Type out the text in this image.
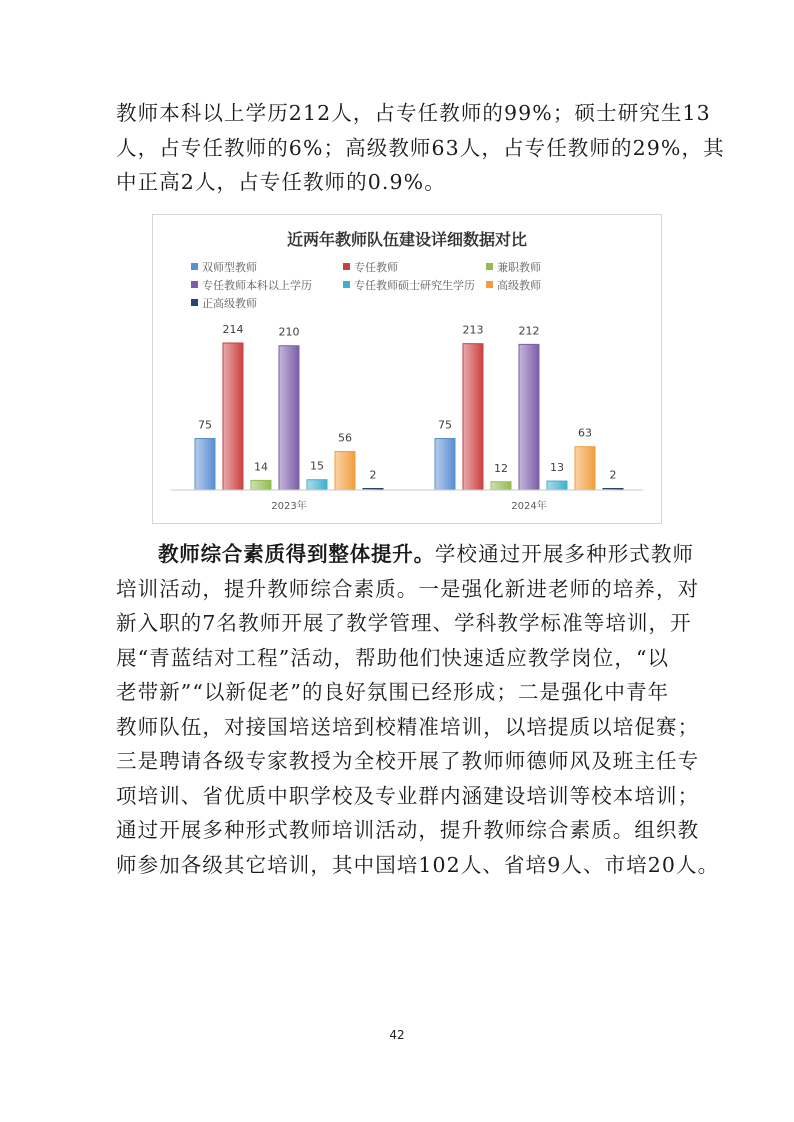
教师本科以上学历212人，占专任教师的99%；硕士研究生13
人，占专任教师的6%；高级教师63人，占专任教师的29%，其
中正高2人，占专任教师的0.9%。
近两年教师队伍建设详细数据对比
双师型教师	专任教师	兼职教师
专任教师本科以上学历	专任教师硕士研究生学历 高级教师
正高级教师
75
214
14
210
15
56
2
75
213
12
212
13
63
2
2023年	2024年
教师综合素质得到整体提升。学校通过开展多种形式教师
培训活动，提升教师综合素质。一是强化新进老师的培养，对
新入职的7名教师开展了教学管理、学科教学标准等培训，开
展“青蓝结对工程”活动，帮助他们快速适应教学岗位，“以
老带新”“以新促老”的良好氛围已经形成；二是强化中青年
教师队伍，对接国培送培到校精准培训，以培提质以培促赛；
三是聘请各级专家教授为全校开展了教师师德师风及班主任专
项培训、省优质中职学校及专业群内涵建设培训等校本培训；
通过开展多种形式教师培训活动，提升教师综合素质。组织教
师参加各级其它培训，其中国培102人、省培9人、市培20人。
42
